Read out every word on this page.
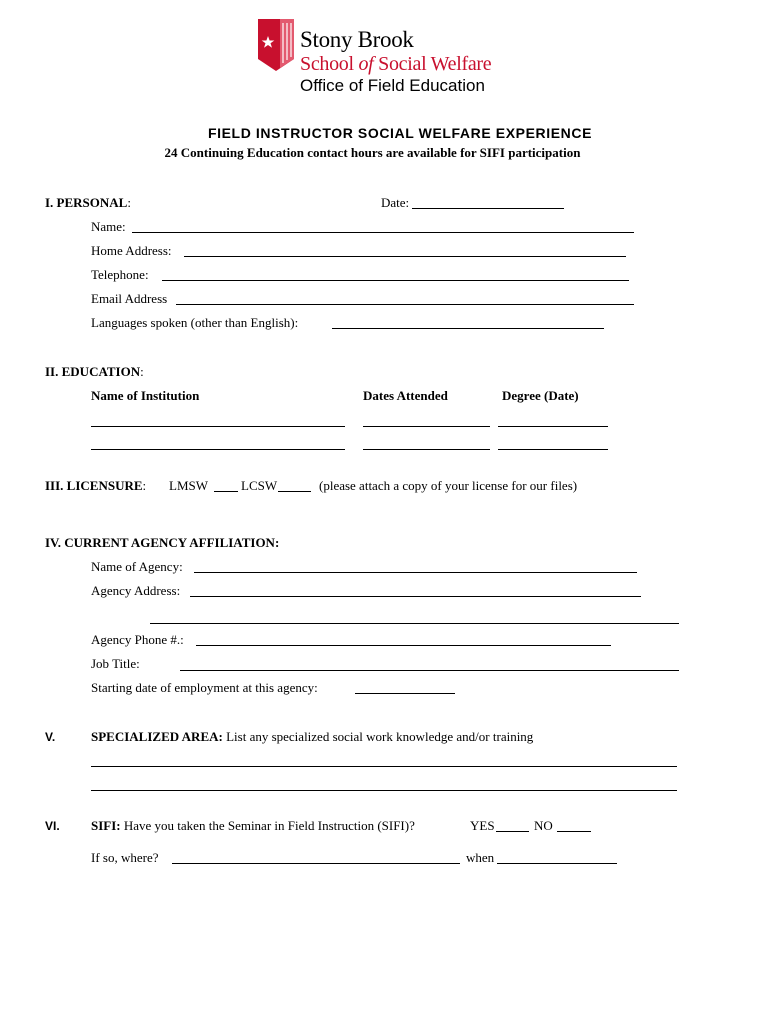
Stony Brook
School of Social Welfare
Office of Field Education
FIELD INSTRUCTOR SOCIAL WELFARE EXPERIENCE
24 Continuing Education contact hours are available for SIFI participation
I. PERSONAL:	Date:
Name:
Home Address:
Telephone:
Email Address
Languages spoken (other than English):
II. EDUCATION:
Name of Institution	Dates Attended	Degree (Date)
III. LICENSURE: LMSW	LCSW	(please attach a copy of your license for our files)
IV. CURRENT AGENCY AFFILIATION:
Name of Agency:
Agency Address:
Agency Phone #.:
Job Title:
Starting date of employment at this agency:
V.	SPECIALIZED AREA: List any specialized social work knowledge and/or training
VI. SIFI: Have you taken the Seminar in Field Instruction (SIFI)?	YES	NO
If so, where?	when
